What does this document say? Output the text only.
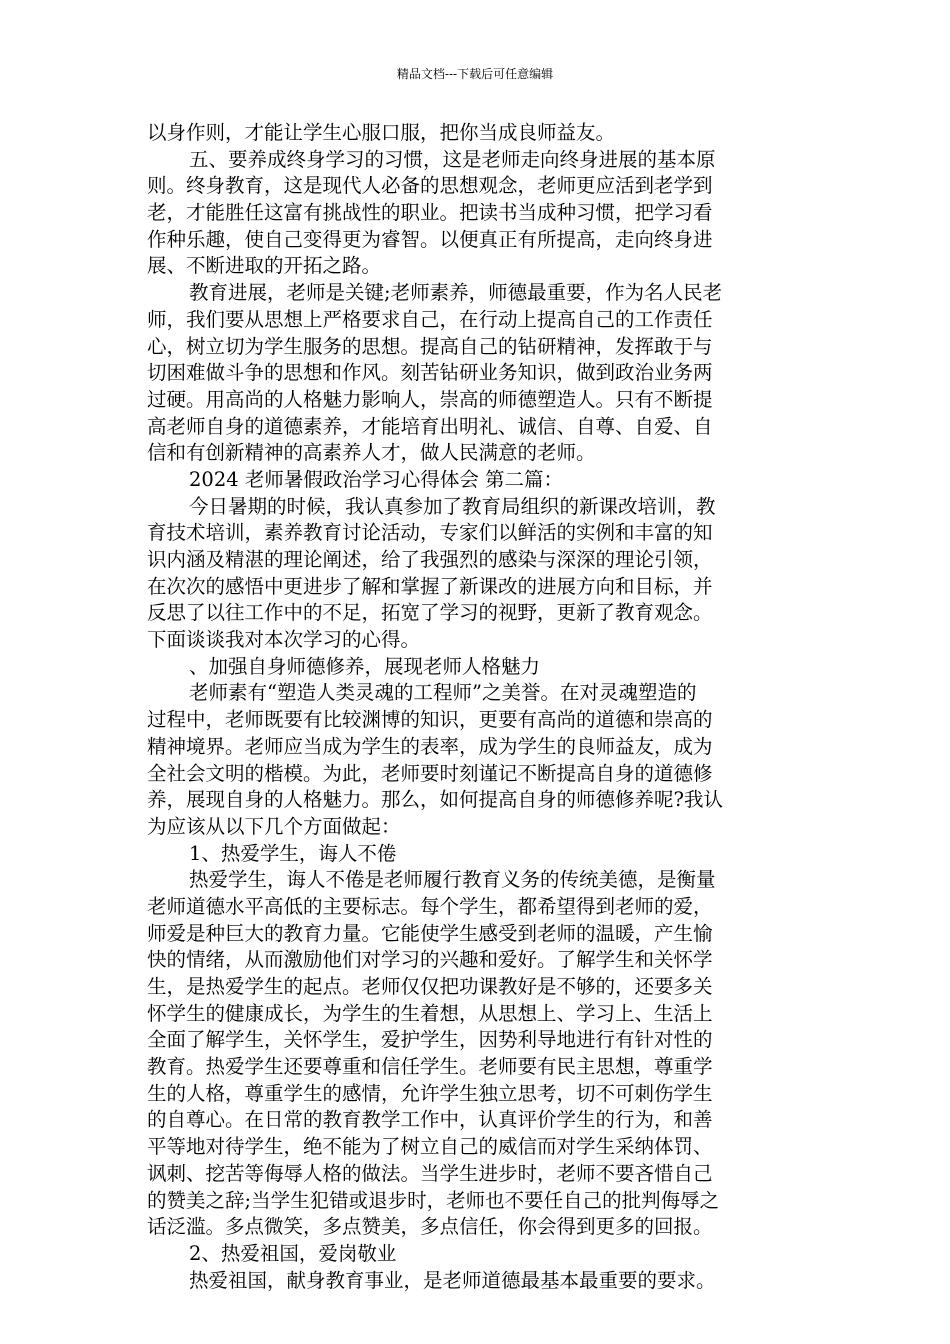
精品文档---下载后可任意编辑
以身作则，才能让学生心服口服，把你当成良师益友。
五、要养成终身学习的习惯，这是老师走向终身进展的基本原
则。终身教育，这是现代人必备的思想观念，老师更应活到老学到
老，才能胜任这富有挑战性的职业。把读书当成种习惯，把学习看
作种乐趣，使自己变得更为睿智。以便真正有所提高，走向终身进
展、不断进取的开拓之路。
教育进展，老师是关键;老师素养，师德最重要，作为名人民老
师，我们要从思想上严格要求自己，在行动上提高自己的工作责任
心，树立切为学生服务的思想。提高自己的钻研精神，发挥敢于与
切困难做斗争的思想和作风。刻苦钻研业务知识，做到政治业务两
过硬。用高尚的人格魅力影响人，崇高的师德塑造人。只有不断提
高老师自身的道德素养，才能培育出明礼、诚信、自尊、自爱、自
信和有创新精神的高素养人才，做人民满意的老师。
2024 老师暑假政治学习心得体会 第二篇：
今日暑期的时候，我认真参加了教育局组织的新课改培训，教
育技术培训，素养教育讨论活动，专家们以鲜活的实例和丰富的知
识内涵及精湛的理论阐述，给了我强烈的感染与深深的理论引领，
在次次的感悟中更进步了解和掌握了新课改的进展方向和目标，并
反思了以往工作中的不足，拓宽了学习的视野，更新了教育观念。
下面谈谈我对本次学习的心得。
、加强自身师德修养，展现老师人格魅力
老师素有“塑造人类灵魂的工程师”之美誉。在对灵魂塑造的
过程中，老师既要有比较渊博的知识，更要有高尚的道德和崇高的
精神境界。老师应当成为学生的表率，成为学生的良师益友，成为
全社会文明的楷模。为此，老师要时刻谨记不断提高自身的道德修
养，展现自身的人格魅力。那么，如何提高自身的师德修养呢?我认
为应该从以下几个方面做起：
1、热爱学生，诲人不倦
热爱学生，诲人不倦是老师履行教育义务的传统美德，是衡量
老师道德水平高低的主要标志。每个学生，都希望得到老师的爱，
师爱是种巨大的教育力量。它能使学生感受到老师的温暖，产生愉
快的情绪，从而激励他们对学习的兴趣和爱好。了解学生和关怀学
生，是热爱学生的起点。老师仅仅把功课教好是不够的，还要多关
怀学生的健康成长，为学生的生着想，从思想上、学习上、生活上
全面了解学生，关怀学生，爱护学生，因势利导地进行有针对性的
教育。热爱学生还要尊重和信任学生。老师要有民主思想，尊重学
生的人格，尊重学生的感情，允许学生独立思考，切不可刺伤学生
的自尊心。在日常的教育教学工作中，认真评价学生的行为，和善
平等地对待学生，绝不能为了树立自己的威信而对学生采纳体罚、
讽刺、挖苦等侮辱人格的做法。当学生进步时，老师不要吝惜自己
的赞美之辞;当学生犯错或退步时，老师也不要任自己的批判侮辱之
话泛滥。多点微笑，多点赞美，多点信任，你会得到更多的回报。
2、热爱祖国，爱岗敬业
热爱祖国，献身教育事业，是老师道德最基本最重要的要求。
